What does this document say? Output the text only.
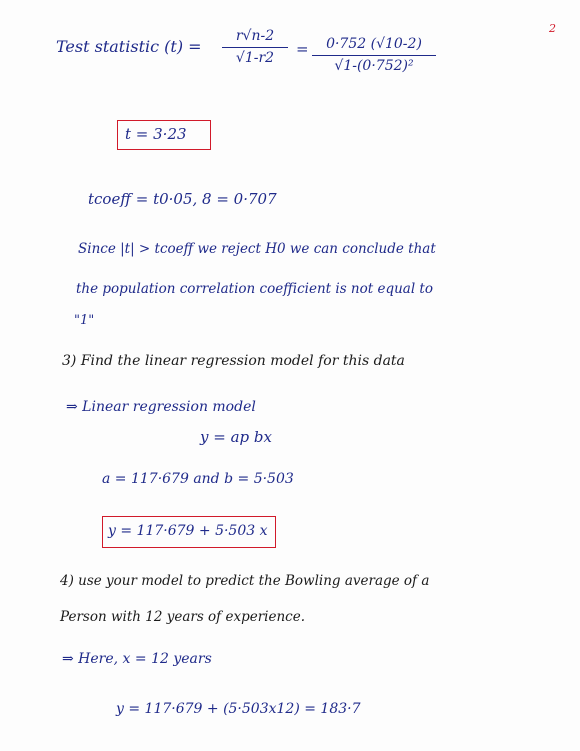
2
Test statistic (t) =
r√n-2
√1-r2	=	0·752 (√10-2)
√1-(0·752)²
t = 3·23
tcoeff = t0·05, 8 = 0·707
Since |t| > tcoeff we reject H0 we can conclude that
the population correlation coefficient is not equal to
"1"
3) Find the linear regression model for this data
⇒ Linear regression model
y = ap bx
a = 117·679 and b = 5·503
y = 117·679 + 5·503 x
4) use your model to predict the Bowling average of a
Person with 12 years of experience.
⇒ Here, x = 12 years
y = 117·679 + (5·503x12) = 183·7
